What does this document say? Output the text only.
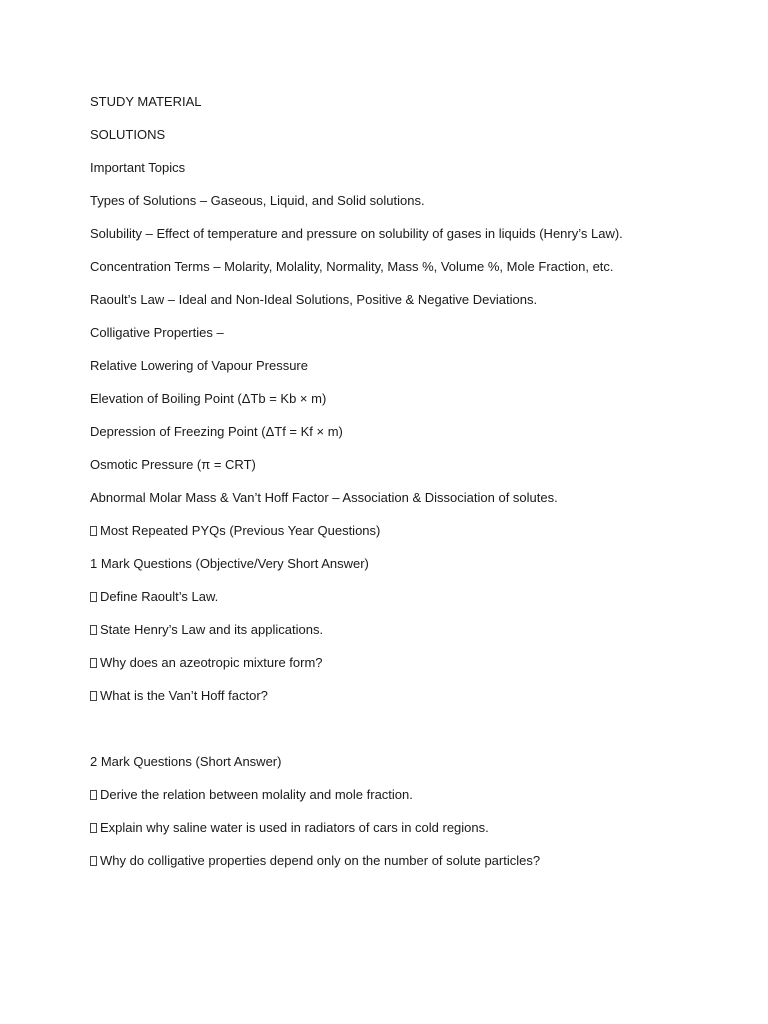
STUDY MATERIAL
SOLUTIONS
Important Topics
Types of Solutions – Gaseous, Liquid, and Solid solutions.
Solubility – Effect of temperature and pressure on solubility of gases in liquids (Henry’s Law).
Concentration Terms – Molarity, Molality, Normality, Mass %, Volume %, Mole Fraction, etc.
Raoult’s Law – Ideal and Non-Ideal Solutions, Positive & Negative Deviations.
Colligative Properties –
Relative Lowering of Vapour Pressure
Elevation of Boiling Point (ΔTb = Kb × m)
Depression of Freezing Point (ΔTf = Kf × m)
Osmotic Pressure (π = CRT)
Abnormal Molar Mass & Van’t Hoff Factor – Association & Dissociation of solutes.
Most Repeated PYQs (Previous Year Questions)
1 Mark Questions (Objective/Very Short Answer)
Define Raoult’s Law.
State Henry’s Law and its applications.
Why does an azeotropic mixture form?
What is the Van’t Hoff factor?
2 Mark Questions (Short Answer)
Derive the relation between molality and mole fraction.
Explain why saline water is used in radiators of cars in cold regions.
Why do colligative properties depend only on the number of solute particles?
